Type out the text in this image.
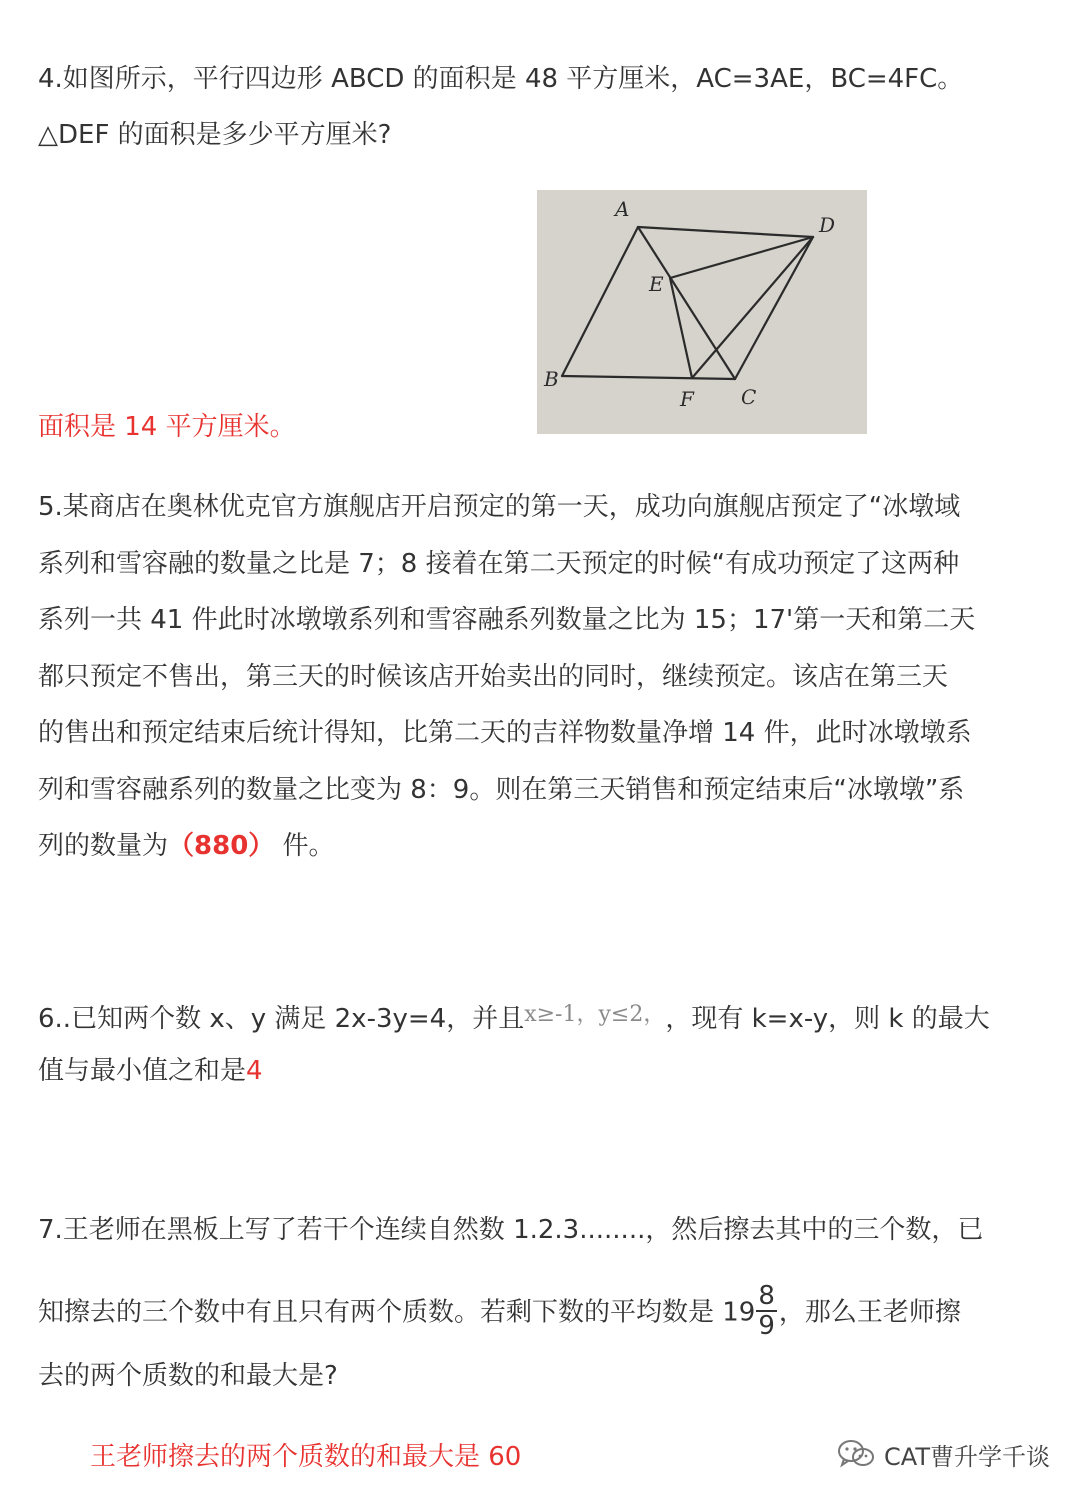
4.如图所示，平行四边形 ABCD 的面积是 48 平方厘米，AC=3AE，BC=4FC。
△DEF 的面积是多少平方厘米?
A
B
C
D
E
F
面积是 14 平方厘米。
5.某商店在奥林优克官方旗舰店开启预定的第一天，成功向旗舰店预定了“冰墩域
系列和雪容融的数量之比是 7；8 接着在第二天预定的时候“有成功预定了这两种
系列一共 41 件此时冰墩墩系列和雪容融系列数量之比为 15；17'第一天和第二天
都只预定不售出，第三天的时候该店开始卖出的同时，继续预定。该店在第三天
的售出和预定结束后统计得知，比第二天的吉祥物数量净增 14 件，此时冰墩墩系
列和雪容融系列的数量之比变为 8：9。则在第三天销售和预定结束后“冰墩墩”系
列的数量为（880） 件。
6..已知两个数 x、y 满足 2x-3y=4，并且x≥-1，y≤2，，现有 k=x-y，则 k 的最大
值与最小值之和是4
7.王老师在黑板上写了若干个连续自然数 1.2.3........，然后擦去其中的三个数，已
知擦去的三个数中有且只有两个质数。若剩下数的平均数是 $19 \frac{8}{9}$ ，那么王老师擦
去的两个质数的和最大是?
王老师擦去的两个质数的和最大是 60	CAT曹升学千谈
